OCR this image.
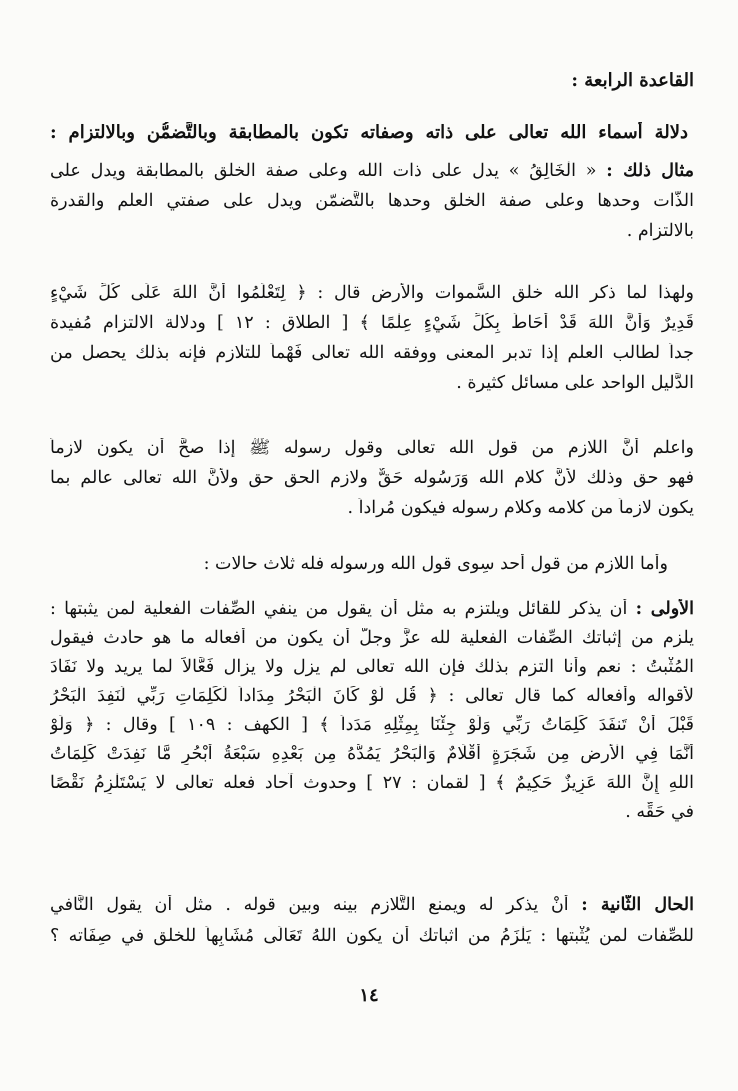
القاعدة الرابعة :
دلالة أسماء الله تعالى على ذاته وصفاته تكون بالمطابقة وبالتَّضمُّن وبالالتزام :

مثال ذلك : « الْخَالِقُ » يدل على ذات الله وعلى صفة الخلق بالمطابقة ويدل على

الذَّات وحدها وعلى صفة الخلق وحدها بالتَّضمّن ويدل على صفتي العلم والقدرة

بالالتزام .

ولهذا لما ذكر الله خلق السَّموات والأرض قال : ﴿ لِتَعْلَمُوا أَنَّ اللهَ عَلَى كُلِّ شَيْءٍ

قَدِيرٌ وَأَنَّ اللهَ قَدْ أَحَاطَ بِكُلِّ شَيْءٍ عِلْمًا ﴾ [ الطلاق : ١٢ ] ودلالة الالتزام مُفيدة

جداً لطالب العلم إذا تدبر المعنى ووفقه الله تعالى فَهْماً للتلازم فإنه بذلك يحصل من

الدَّليل الواحد على مسائل كثيرة .

واعلم أَنَّ اللازم من قول الله تعالى وقول رسوله ﷺ إذا صحَّ أن يكون لازماً

فهو حق وذلك لأَنَّ كلام الله وَرَسُوله حَقٌّ ولازم الحق حق ولأَنَّ الله تعالى عالم بما

يكون لازماً من كلامه وكلام رسوله فيكون مُراداً .

وأما اللازم من قول أحد سِوى قول الله ورسوله فله ثلاث حالات :

الأُولى : أن يذكر للقائل ويلتزم به مثل أن يقول من ينفي الصِّفات الفعلية لمن يثبتها :

يلزم من إثباتك الصِّفات الفعلية لله عزَّ وجلَّ أن يكون من أفعاله ما هو حادث فيقول

المُثْبتُ : نعم وأنا التزم بذلك فإن الله تعالى لم يزل ولا يزال فَعَّالاً لما يريد ولا نَفَادَ

لأقواله وأفعاله كما قال تعالى : ﴿ قُل لَّوْ كَانَ الْبَحْرُ مِدَاداً لِّكَلِمَاتِ رَبِّي لَنَفِدَ الْبَحْرُ

قَبْلَ أَنْ تَنفَدَ كَلِمَاتُ رَبِّي وَلَوْ جِئْنَا بِمِثْلِهِ مَدَداً ﴾ [ الكهف : ١٠٩ ] وقال : ﴿ وَلَوْ

أَنَّمَا فِي الْأَرضِ مِن شَجَرَةٍ أَقْلَامٌ وَالْبَحْرُ يَمُدُّهُ مِن بَعْدِهِ سَبْعَةُ أَبْحُرٍ مَّا نَفِدَتْ كَلِمَاتُ

اللهِ إِنَّ اللهَ عَزِيزٌ حَكِيمٌ ﴾ [ لقمان : ٢٧ ] وحدوث آحاد فعله تعالى لا يَسْتَلْزِمُ نَقْصًا

في حَقِّه .

الحال الثَّانية : أَنْ يذكر له ويمنع التَّلازم بينه وبين قوله . مثل أن يقول النَّافي

للصِّفات لمن يُثْبتها : يَلْزَمُ من اثباتك أن يكون اللهُ تَعَالَى مُشَابِهاً للخلق في صِفَاته ؟

١٤
